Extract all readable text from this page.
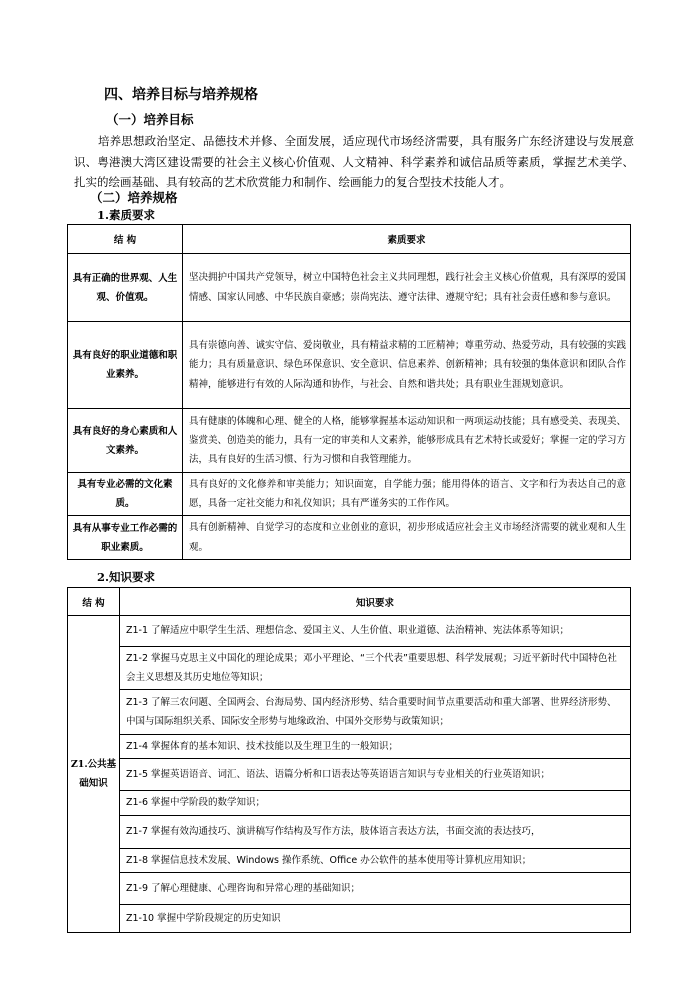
四、培养目标与培养规格
（一）培养目标
培养思想政治坚定、品德技术并修、全面发展，适应现代市场经济需要，具有服务广东经济建设与发展意识、粤港澳大湾区建设需要的社会主义核心价值观、人文精神、科学素养和诚信品质等素质，掌握艺术美学、扎实的绘画基础、具有较高的艺术欣赏能力和制作、绘画能力的复合型技术技能人才。
（二）培养规格
1.素质要求
结 构	素质要求
具有正确的世界观、人生观、价值观。	坚决拥护中国共产党领导，树立中国特色社会主义共同理想，践行社会主义核心价值观，具有深厚的爱国情感、国家认同感、中华民族自豪感；崇尚宪法、遵守法律、遵规守纪；具有社会责任感和参与意识。
具有良好的职业道德和职业素养。	具有崇德向善、诚实守信、爱岗敬业，具有精益求精的工匠精神；尊重劳动、热爱劳动，具有较强的实践能力；具有质量意识、绿色环保意识、安全意识、信息素养、创新精神；具有较强的集体意识和团队合作精神，能够进行有效的人际沟通和协作，与社会、自然和谐共处；具有职业生涯规划意识。
具有良好的身心素质和人文素养。	具有健康的体魄和心理、健全的人格，能够掌握基本运动知识和一两项运动技能；具有感受美、表现美、鉴赏美、创造美的能力，具有一定的审美和人文素养，能够形成具有艺术特长或爱好；掌握一定的学习方法，具有良好的生活习惯、行为习惯和自我管理能力。
具有专业必需的文化素质。	具有良好的文化修养和审美能力；知识面宽，自学能力强；能用得体的语言、文字和行为表达自己的意愿，具备一定社交能力和礼仪知识；具有严谨务实的工作作风。
具有从事专业工作必需的职业素质。	具有创新精神、自觉学习的态度和立业创业的意识，初步形成适应社会主义市场经济需要的就业观和人生观。
2.知识要求
结 构	知识要求
Z1.公共基础知识	Z1-1 了解适应中职学生生活、理想信念、爱国主义、人生价值、职业道德、法治精神、宪法体系等知识；
	Z1-2 掌握马克思主义中国化的理论成果；邓小平理论、“三个代表”重要思想、科学发展观；习近平新时代中国特色社会主义思想及其历史地位等知识；
	Z1-3 了解三农问题、全国两会、台海局势、国内经济形势、结合重要时间节点重要活动和重大部署、世界经济形势、中国与国际组织关系、国际安全形势与地缘政治、中国外交形势与政策知识；
	Z1-4 掌握体育的基本知识、技术技能以及生理卫生的一般知识；
	Z1-5 掌握英语语音、词汇、语法、语篇分析和口语表达等英语语言知识与专业相关的行业英语知识；
	Z1-6 掌握中学阶段的数学知识；
	Z1-7 掌握有效沟通技巧、演讲稿写作结构及写作方法，肢体语言表达方法，书面交流的表达技巧，
	Z1-8 掌握信息技术发展、Windows 操作系统、Office 办公软件的基本使用等计算机应用知识；
	Z1-9 了解心理健康、心理咨询和异常心理的基础知识；
	Z1-10 掌握中学阶段规定的历史知识
